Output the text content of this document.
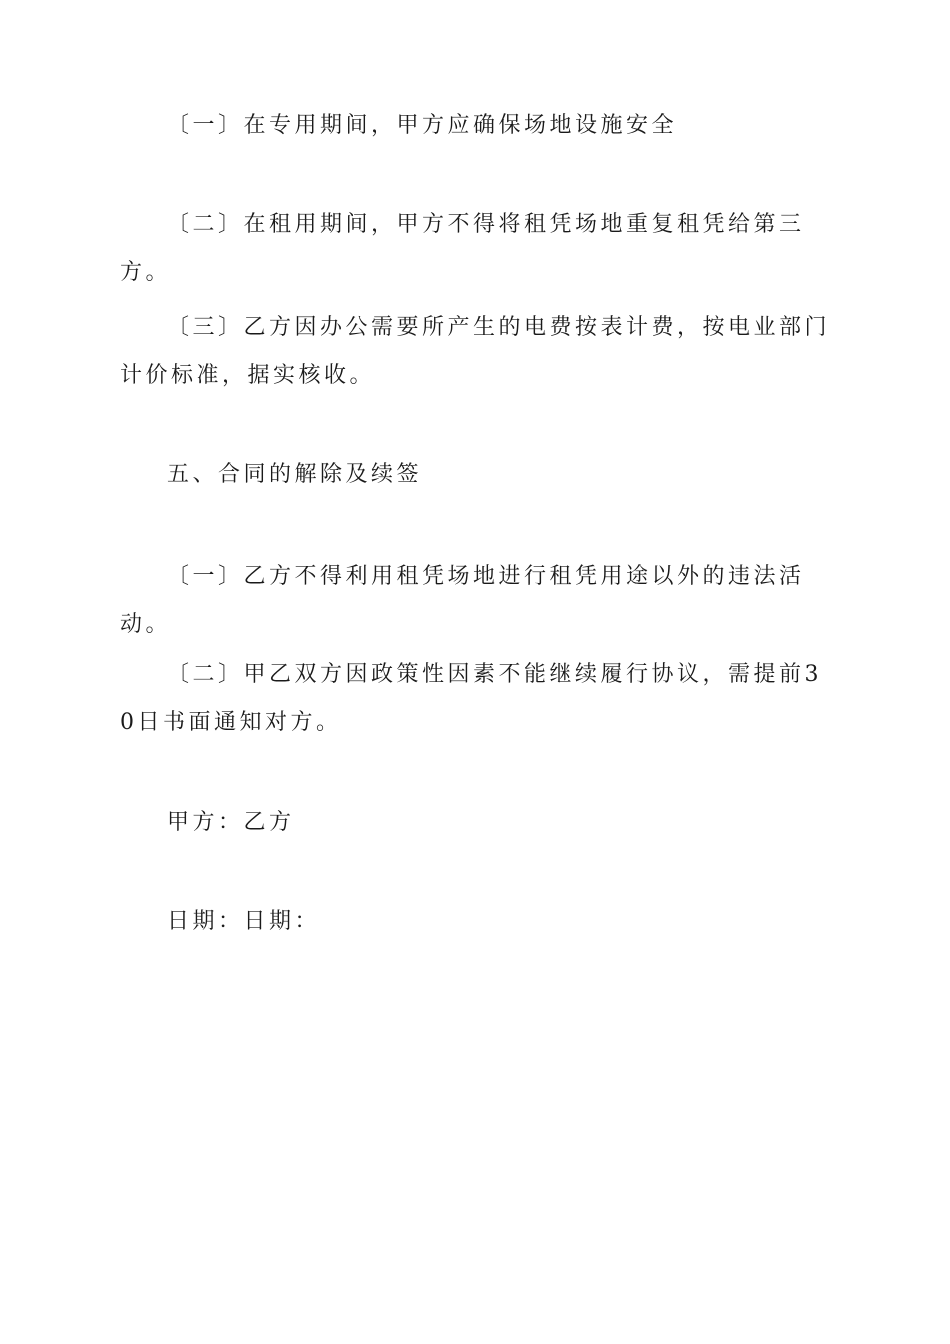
〔一〕在专用期间，甲方应确保场地设施安全

〔二〕在租用期间，甲方不得将租凭场地重复租凭给第三方。

〔三〕乙方因办公需要所产生的电费按表计费，按电业部门计价标准，据实核收。

五、合同的解除及续签

〔一〕乙方不得利用租凭场地进行租凭用途以外的违法活动。

〔二〕甲乙双方因政策性因素不能继续履行协议，需提前30日书面通知对方。

甲方：乙方

日期：日期：
